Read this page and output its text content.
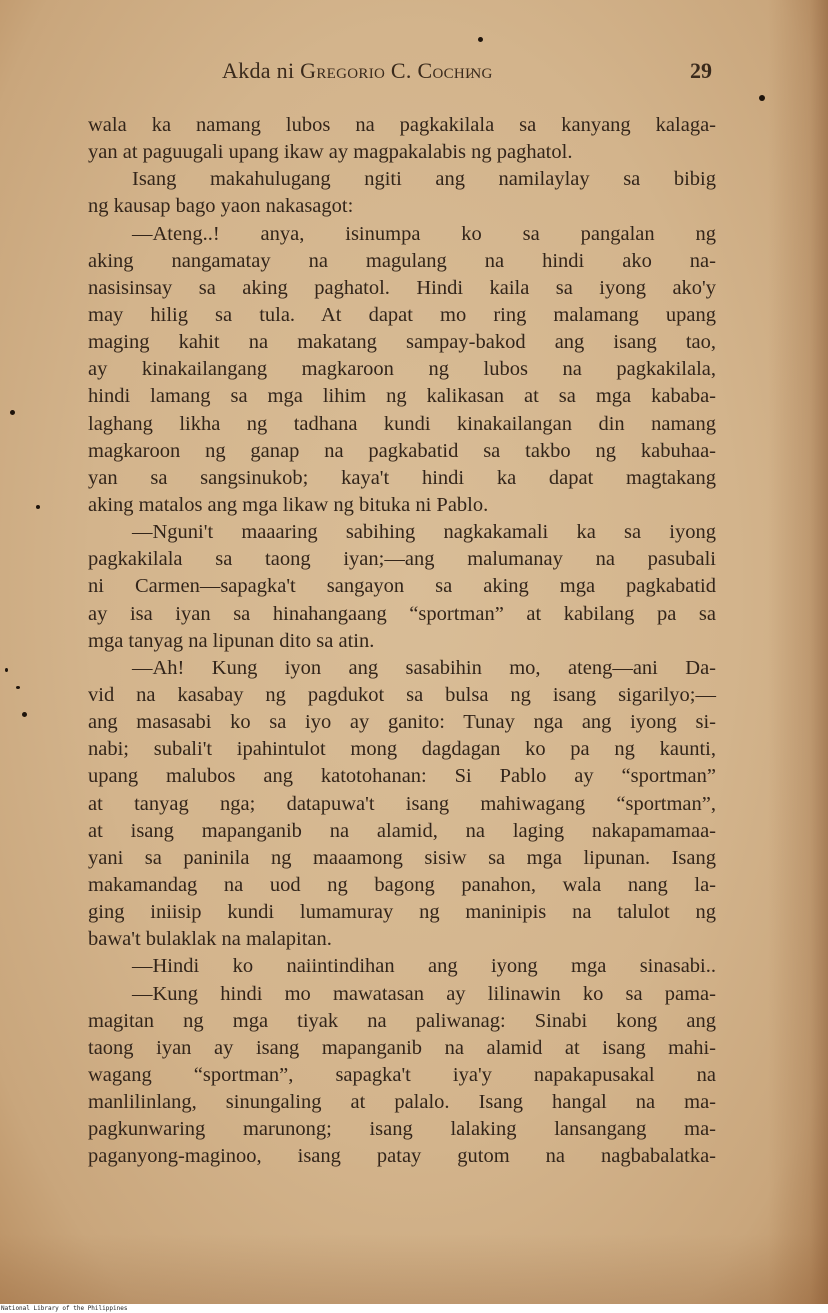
Akda ni Gregorio C. Cochi̷ng	29
wala ka namang lubos na pagkakilala sa kanyang kalaga-
yan at paguugali upang ikaw ay magpakalabis ng paghatol.
Isang makahulugang ngiti ang namilaylay sa bibig
ng kausap bago yaon nakasagot:
—Ateng..! anya, isinumpa ko sa pangalan ng
aking nangamatay na magulang na hindi ako na-
nasisinsay sa aking paghatol. Hindi kaila sa iyong ako'y
may hilig sa tula. At dapat mo ring malamang upang
maging kahit na makatang sampay-bakod ang isang tao,
ay kinakailangang magkaroon ng lubos na pagkakilala,
hindi lamang sa mga lihim ng kalikasan at sa mga kababa-
laghang likha ng tadhana kundi kinakailangan din namang
magkaroon ng ganap na pagkabatid sa takbo ng kabuhaa-
yan sa sangsinukob; kaya't hindi ka dapat magtakang
aking matalos ang mga likaw ng bituka ni Pablo.
—Nguni't maaaring sabihing nagkakamali ka sa iyong
pagkakilala sa taong iyan;—ang malumanay na pasubali
ni Carmen—sapagka't sangayon sa aking mga pagkabatid
ay isa iyan sa hinahangaang “sportman” at kabilang pa sa
mga tanyag na lipunan dito sa atin.
—Ah! Kung iyon ang sasabihin mo, ateng—ani Da-
vid na kasabay ng pagdukot sa bulsa ng isang sigarilyo;—
ang masasabi ko sa iyo ay ganito: Tunay nga ang iyong si-
nabi; subali't ipahintulot mong dagdagan ko pa ng kaunti,
upang malubos ang katotohanan: Si Pablo ay “sportman”
at tanyag nga; datapuwa't isang mahiwagang “sportman”,
at isang mapanganib na alamid, na laging nakapamamaa-
yani sa paninila ng maaamong sisiw sa mga lipunan. Isang
makamandag na uod ng bagong panahon, wala nang la-
ging iniisip kundi lumamuray ng maninipis na talulot ng
bawa't bulaklak na malapitan.
—Hindi ko naiintindihan ang iyong mga sinasabi..
—Kung hindi mo mawatasan ay lilinawin ko sa pama-
magitan ng mga tiyak na paliwanag: Sinabi kong ang
taong iyan ay isang mapanganib na alamid at isang mahi-
wagang “sportman”, sapagka't iya'y napakapusakal na
manlilinlang, sinungaling at palalo. Isang hangal na ma-
pagkunwaring marunong; isang lalaking lansangang ma-
paganyong-maginoo, isang patay gutom na nagbabalatka-
National Library of the Philippines
